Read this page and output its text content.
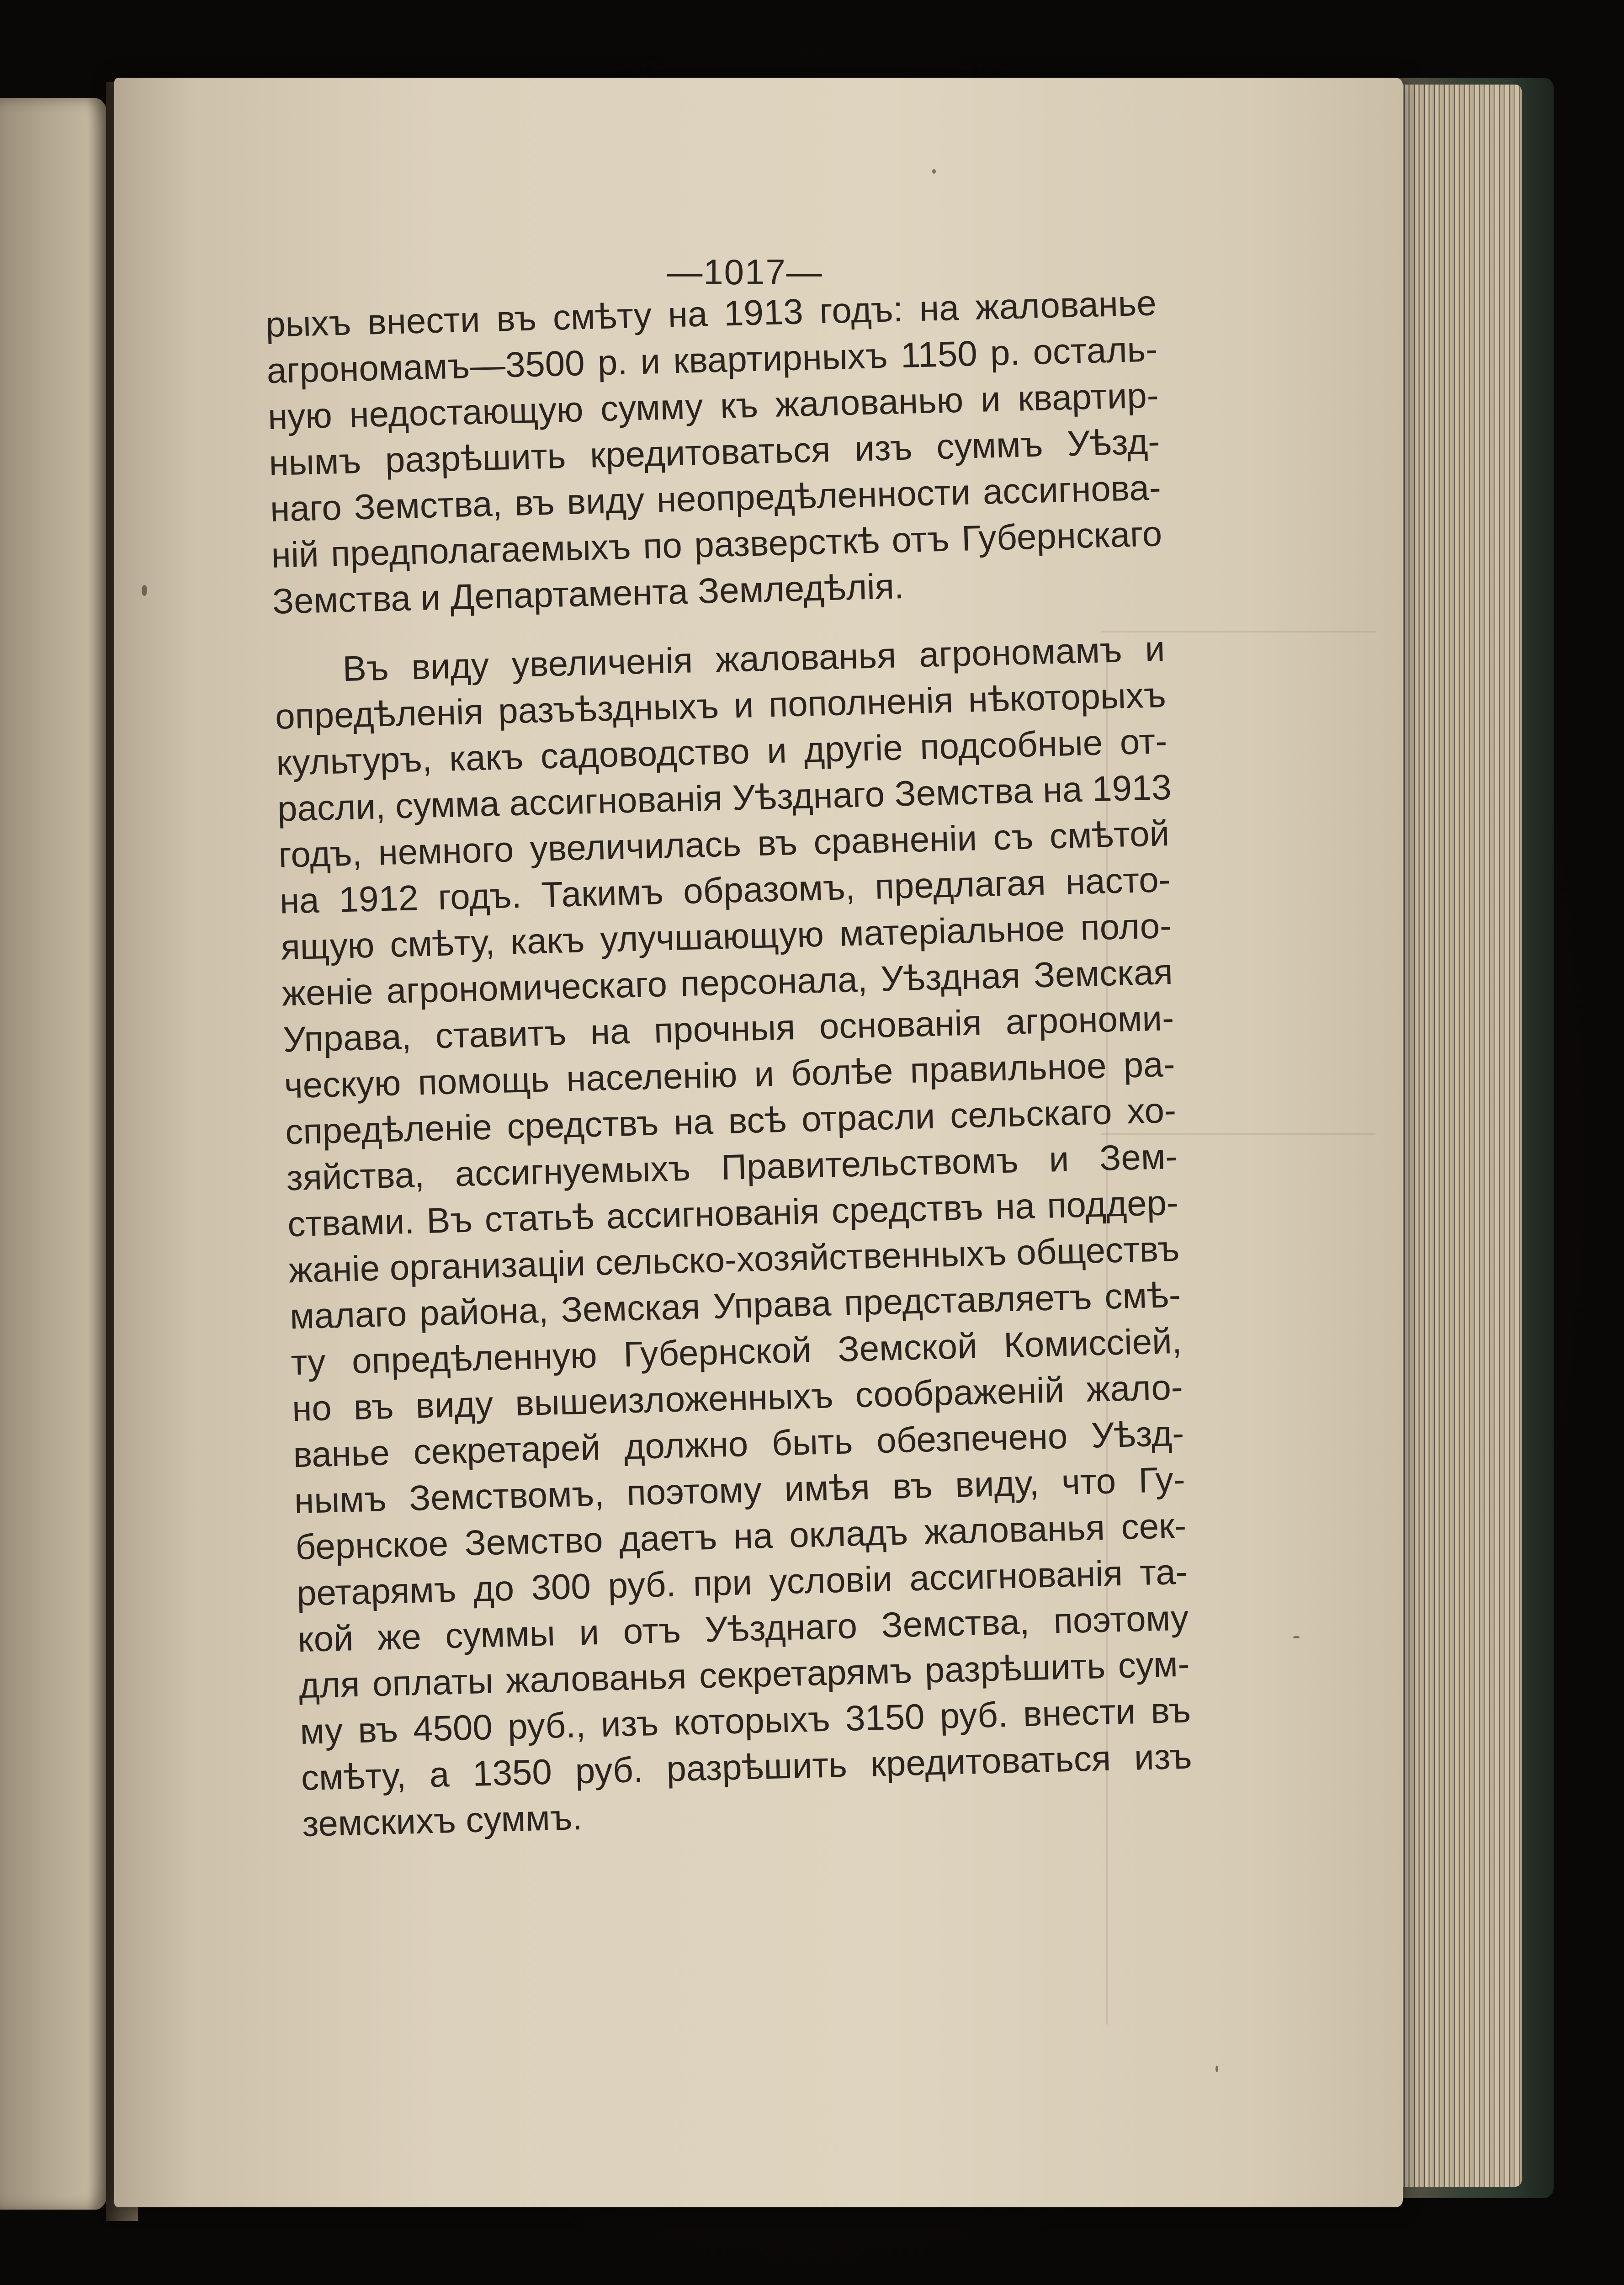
—1017—
рыхъ внести въ смѣту на 1913 годъ: на жалованье
агрономамъ—3500 р. и квартирныхъ 1150 р. осталь-
ную недостающую сумму къ жалованью и квартир-
нымъ разрѣшить кредитоваться изъ суммъ Уѣзд-
наго Земства, въ виду неопредѣленности ассигнова-
ній предполагаемыхъ по разверсткѣ отъ Губернскаго
Земства и Департамента Земледѣлія.
Въ виду увеличенія жалованья агрономамъ и
опредѣленія разъѣздныхъ и пополненія нѣкоторыхъ
культуръ, какъ садоводство и другіе подсобные от-
расли, сумма ассигнованія Уѣзднаго Земства на 1913
годъ, немного увеличилась въ сравненіи съ смѣтой
на 1912 годъ. Такимъ образомъ, предлагая насто-
ящую смѣту, какъ улучшающую матеріальное поло-
женіе агрономическаго персонала, Уѣздная Земская
Управа, ставитъ на прочныя основанія агрономи-
ческую помощь населенію и болѣе правильное ра-
спредѣленіе средствъ на всѣ отрасли сельскаго хо-
зяйства, ассигнуемыхъ Правительствомъ и Зем-
ствами. Въ статьѣ ассигнованія средствъ на поддер-
жаніе организаціи сельско-хозяйственныхъ обществъ
малаго района, Земская Управа представляетъ смѣ-
ту опредѣленную Губернской Земской Комиссіей,
но въ виду вышеизложенныхъ соображеній жало-
ванье секретарей должно быть обезпечено Уѣзд-
нымъ Земствомъ, поэтому имѣя въ виду, что Гу-
бернское Земство даетъ на окладъ жалованья сек-
ретарямъ до 300 руб. при условіи ассигнованія та-
кой же суммы и отъ Уѣзднаго Земства, поэтому
для оплаты жалованья секретарямъ разрѣшить сум-
му въ 4500 руб., изъ которыхъ 3150 руб. внести въ
смѣту, а 1350 руб. разрѣшить кредитоваться изъ
земскихъ суммъ.
